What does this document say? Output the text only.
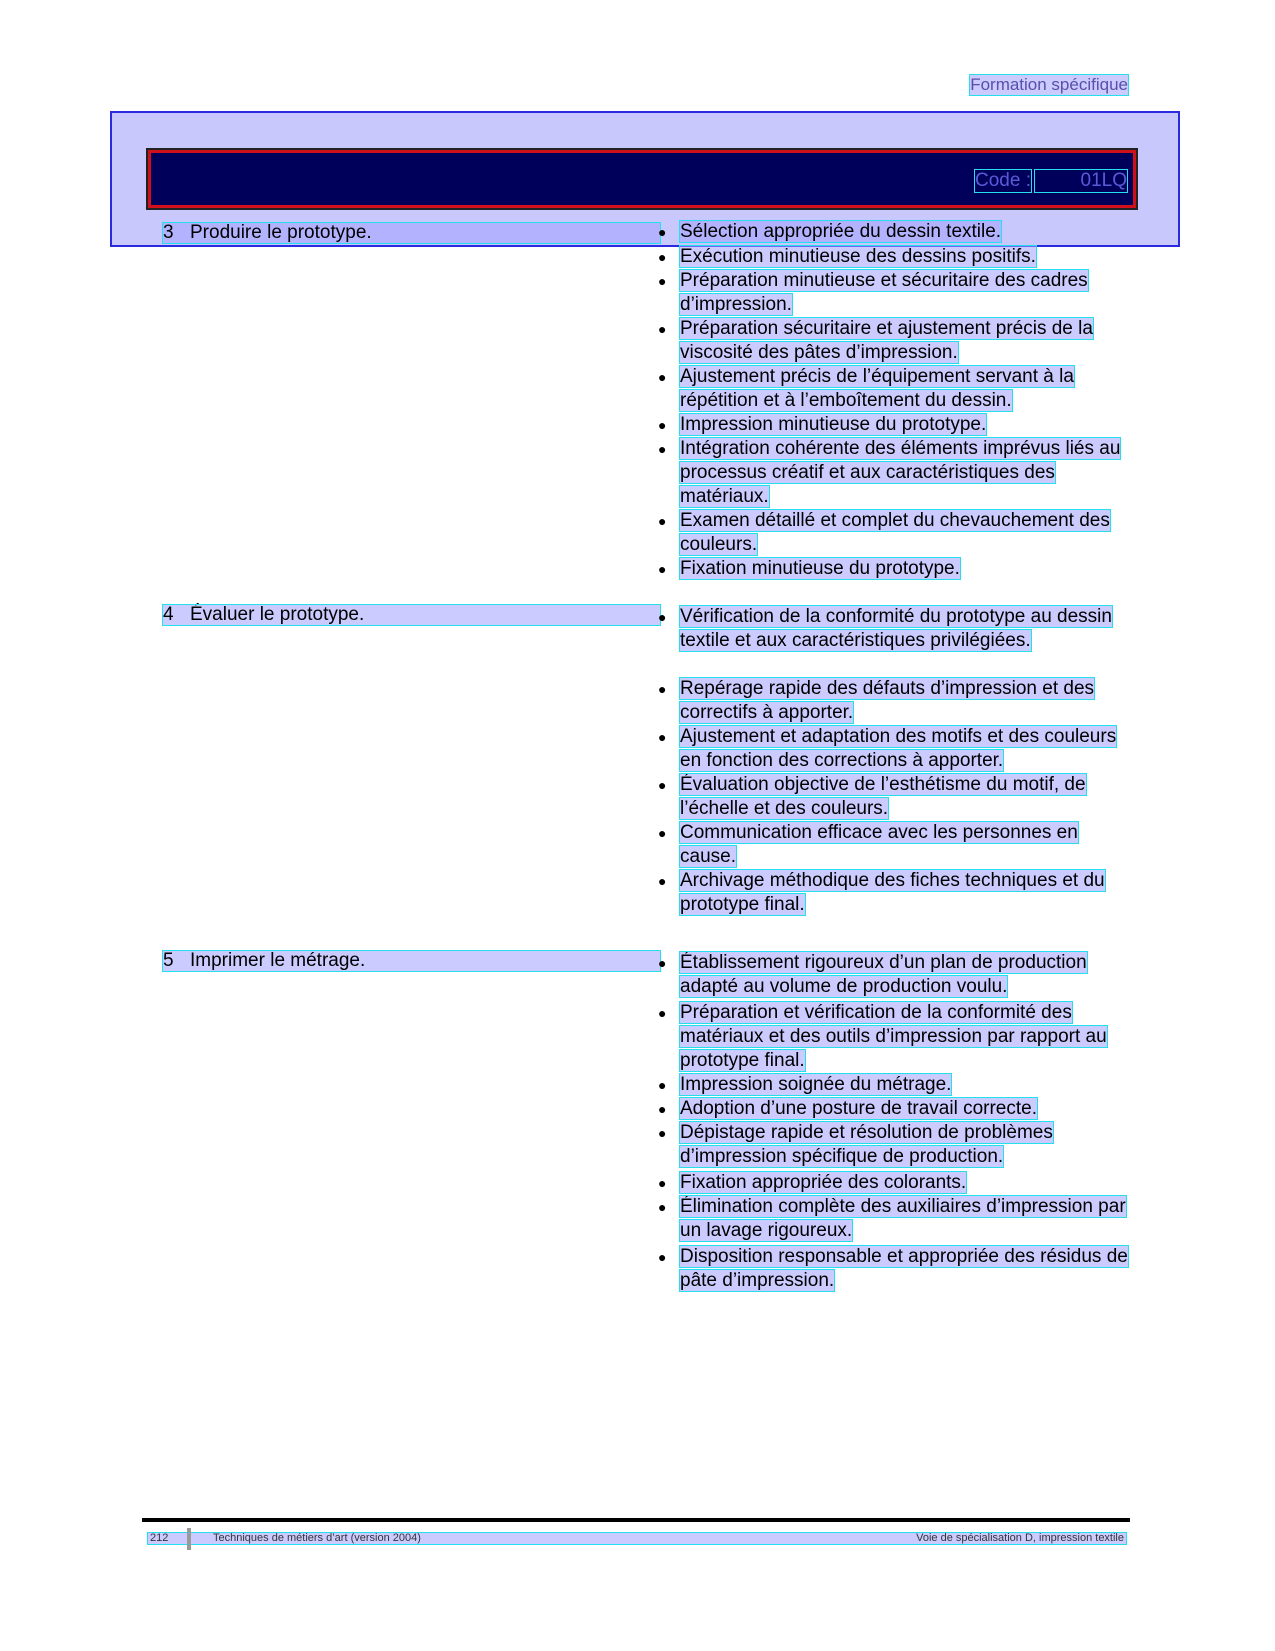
Formation spécifique
Code :	01LQ
3 Produire le prototype.	● Sélection appropriée du dessin textile.
● Exécution minutieuse des dessins positifs.
● Préparation minutieuse et sécuritaire des cadres d’impression.
● Préparation sécuritaire et ajustement précis de la viscosité des pâtes d’impression.
● Ajustement précis de l’équipement servant à la répétition et à l’emboîtement du dessin.
● Impression minutieuse du prototype.
● Intégration cohérente des éléments imprévus liés au processus créatif et aux caractéristiques des matériaux.
● Examen détaillé et complet du chevauchement des couleurs.
● Fixation minutieuse du prototype.
4 Évaluer le prototype.	● Vérification de la conformité du prototype au dessin textile et aux caractéristiques privilégiées.
● Repérage rapide des défauts d’impression et des correctifs à apporter.
● Ajustement et adaptation des motifs et des couleurs en fonction des corrections à apporter.
● Évaluation objective de l’esthétisme du motif, de l’échelle et des couleurs.
● Communication efficace avec les personnes en cause.
● Archivage méthodique des fiches techniques et du prototype final.
5 Imprimer le métrage.	● Établissement rigoureux d’un plan de production adapté au volume de production voulu.
● Préparation et vérification de la conformité des matériaux et des outils d’impression par rapport au prototype final.
● Impression soignée du métrage.
● Adoption d’une posture de travail correcte.
● Dépistage rapide et résolution de problèmes d’impression spécifique de production.
● Fixation appropriée des colorants.
● Élimination complète des auxiliaires d’impression par un lavage rigoureux.
● Disposition responsable et appropriée des résidus de pâte d’impression.
212	Techniques de métiers d’art (version 2004)	Voie de spécialisation D, impression textile
